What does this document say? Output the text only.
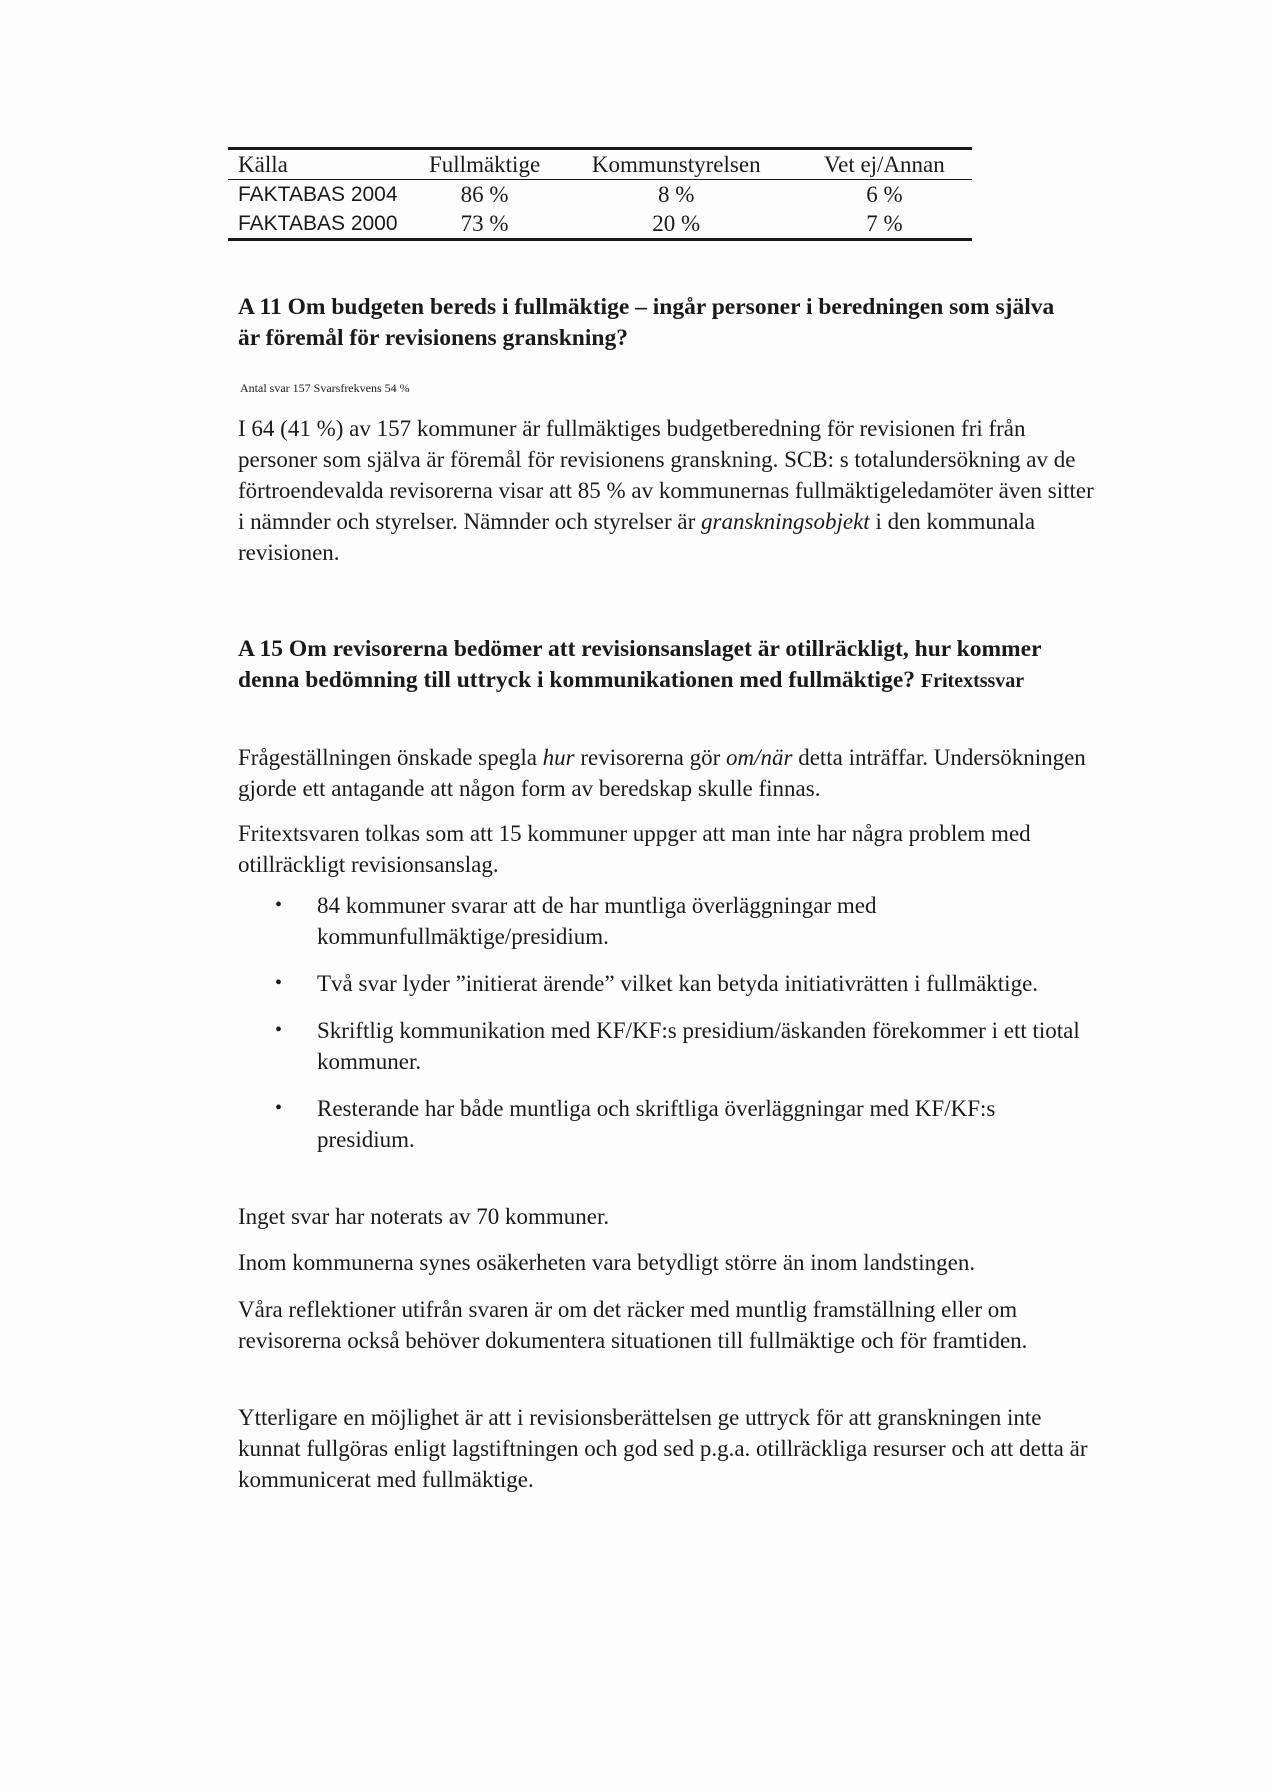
Källa	Fullmäktige	Kommunstyrelsen	Vet ej/Annan
FAKTABAS 2004	86 %	8 %	6 %
FAKTABAS 2000	73 %	20 %	7 %

A 11 Om budgeten bereds i fullmäktige – ingår personer i beredningen som själva är föremål för revisionens granskning?

Antal svar 157 Svarsfrekvens 54 %

I 64 (41 %) av 157 kommuner är fullmäktiges budgetberedning för revisionen fri från personer som själva är föremål för revisionens granskning. SCB: s totalundersökning av de förtroendevalda revisorerna visar att 85 % av kommunernas fullmäktigeledamöter även sitter i nämnder och styrelser. Nämnder och styrelser är granskningsobjekt i den kommunala revisionen.

A 15 Om revisorerna bedömer att revisionsanslaget är otillräckligt, hur kommer denna bedömning till uttryck i kommunikationen med fullmäktige? Fritextssvar

Frågeställningen önskade spegla hur revisorerna gör om/när detta inträffar. Undersökningen gjorde ett antagande att någon form av beredskap skulle finnas.

Fritextsvaren tolkas som att 15 kommuner uppger att man inte har några problem med otillräckligt revisionsanslag.

• 84 kommuner svarar att de har muntliga överläggningar med kommunfullmäktige/presidium.
• Två svar lyder ”initierat ärende” vilket kan betyda initiativrätten i fullmäktige.
• Skriftlig kommunikation med KF/KF:s presidium/äskanden förekommer i ett tiotal kommuner.
• Resterande har både muntliga och skriftliga överläggningar med KF/KF:s presidium.

Inget svar har noterats av 70 kommuner.

Inom kommunerna synes osäkerheten vara betydligt större än inom landstingen.

Våra reflektioner utifrån svaren är om det räcker med muntlig framställning eller om revisorerna också behöver dokumentera situationen till fullmäktige och för framtiden.

Ytterligare en möjlighet är att i revisionsberättelsen ge uttryck för att granskningen inte kunnat fullgöras enligt lagstiftningen och god sed p.g.a. otillräckliga resurser och att detta är kommunicerat med fullmäktige.
